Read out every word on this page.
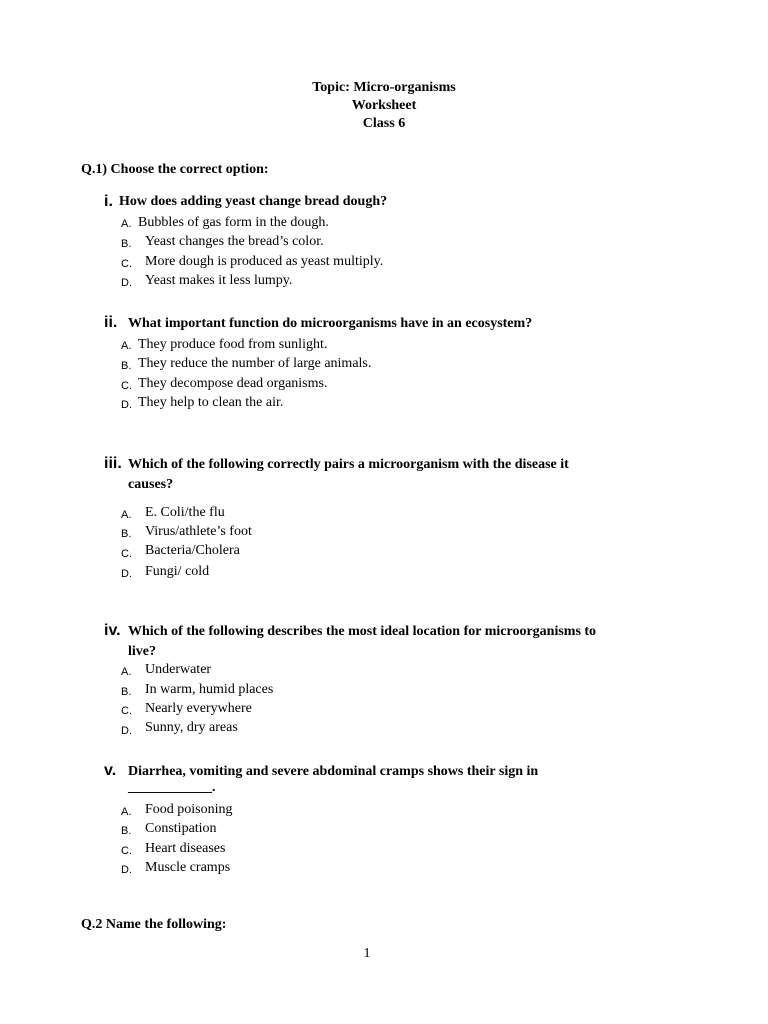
Topic: Micro-organisms
Worksheet
Class 6
Q.1) Choose the correct option:
i. How does adding yeast change bread dough?
A. Bubbles of gas form in the dough.
B. Yeast changes the bread’s color.
C. More dough is produced as yeast multiply.
D. Yeast makes it less lumpy.
ii. What important function do microorganisms have in an ecosystem?
A. They produce food from sunlight.
B. They reduce the number of large animals.
C. They decompose dead organisms.
D. They help to clean the air.
iii. Which of the following correctly pairs a microorganism with the disease it
causes?
A. E. Coli/the flu
B. Virus/athlete’s foot
C. Bacteria/Cholera
D. Fungi/ cold
iv. Which of the following describes the most ideal location for microorganisms to
live?
A. Underwater
B. In warm, humid places
C. Nearly everywhere
D. Sunny, dry areas
v. Diarrhea, vomiting and severe abdominal cramps shows their sign in
____________.
A. Food poisoning
B. Constipation
C. Heart diseases
D. Muscle cramps
Q.2 Name the following:
1
